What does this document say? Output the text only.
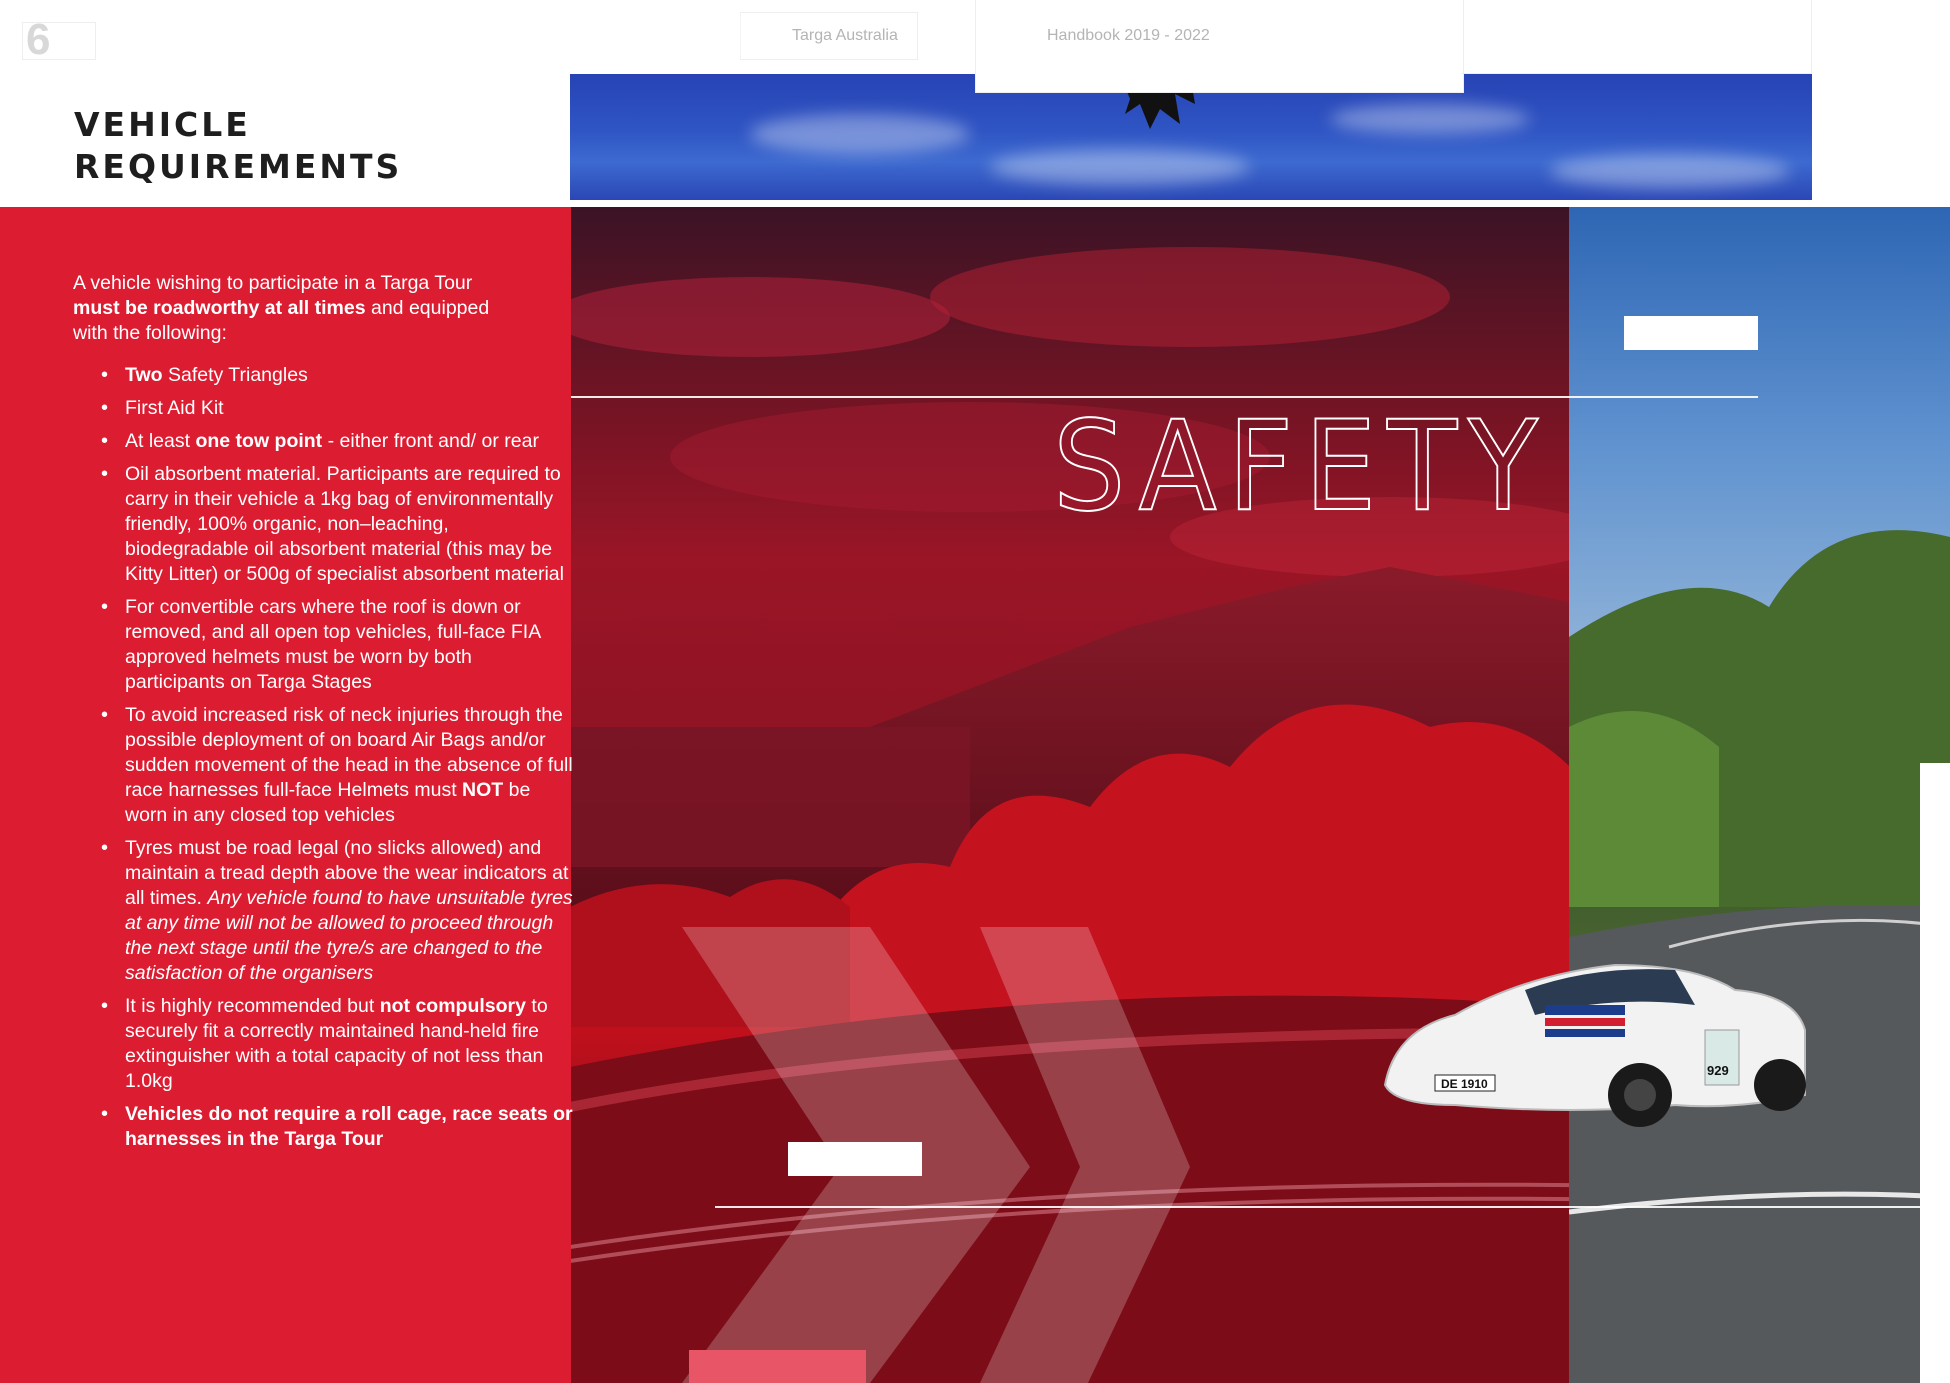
6	Targa Australia
VEHICLE
REQUIREMENTS
Handbook 2019 - 2022
DE 1910
929
SAFETY
A vehicle wishing to participate in a Targa Tour must be roadworthy at all times and equipped with the following:
• Two Safety Triangles
• First Aid Kit
• At least one tow point - either front and/ or rear
• Oil absorbent material. Participants are required to carry in their vehicle a 1kg bag of environmentally friendly, 100% organic, non–leaching, biodegradable oil absorbent material (this may be Kitty Litter) or 500g of specialist absorbent material
• For convertible cars where the roof is down or removed, and all open top vehicles, full-face FIA approved helmets must be worn by both participants on Targa Stages
• To avoid increased risk of neck injuries through the possible deployment of on board Air Bags and/or sudden movement of the head in the absence of full race harnesses full-face Helmets must NOT be worn in any closed top vehicles
• Tyres must be road legal (no slicks allowed) and maintain a tread depth above the wear indicators at all times. Any vehicle found to have unsuitable tyres at any time will not be allowed to proceed through the next stage until the tyre/s are changed to the satisfaction of the organisers
• It is highly recommended but not compulsory to securely fit a correctly maintained hand-held fire extinguisher with a total capacity of not less than 1.0kg
• Vehicles do not require a roll cage, race seats or harnesses in the Targa Tour
